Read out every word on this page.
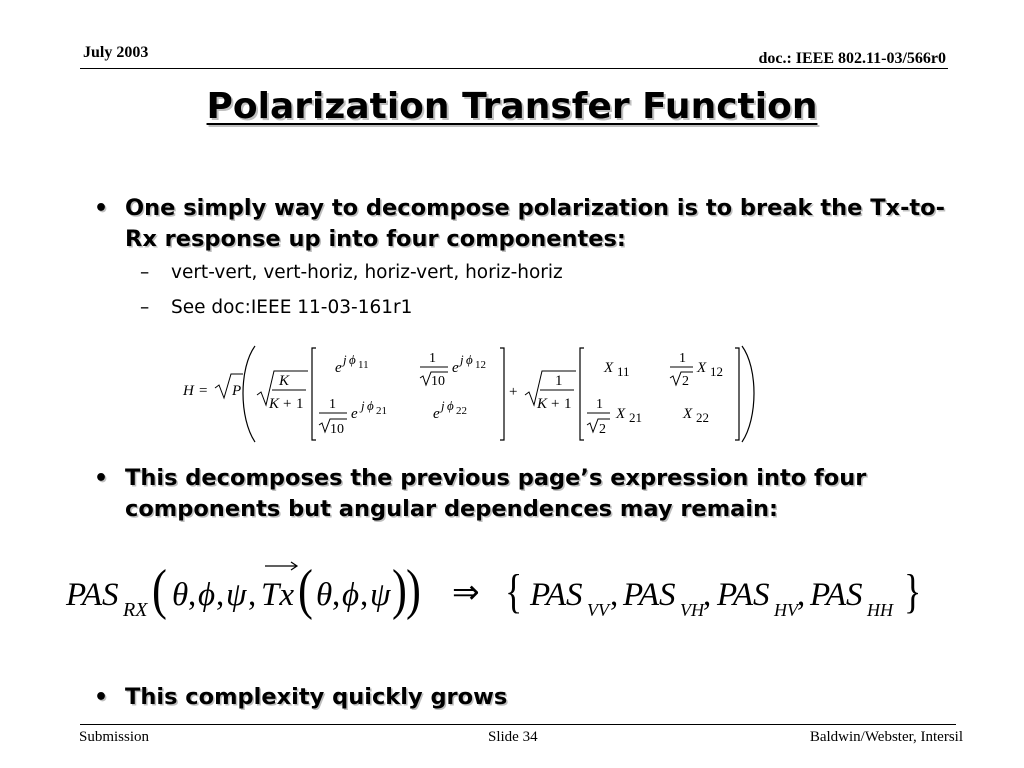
July 2003	doc.: IEEE 802.11-03/566r0
Polarization Transfer Function
• One simply way to decompose polarization is to break the Tx-to-Rx response up into four componentes:
– vert-vert, vert-horiz, horiz-vert, horiz-horiz
– See doc:IEEE 11-03-161r1
H = P
K
K + 1
e
j ϕ 11	1
10
e
j ϕ 12
1
10
e
j ϕ 21	e
j ϕ 22
+
1
K + 1
X 11
1
2
X 12
1
2
X 21	X 22
• This decomposes the previous page’s expression into four components but angular dependences may remain:
PAS RX ( θ , ϕ , ψ , Tx ( θ , ϕ , ψ ) ) ⇒ { PAS VV , PAS VH , PAS HV , PAS HH }
• This complexity quickly grows
Submission	Slide 34	Baldwin/Webster, Intersil
